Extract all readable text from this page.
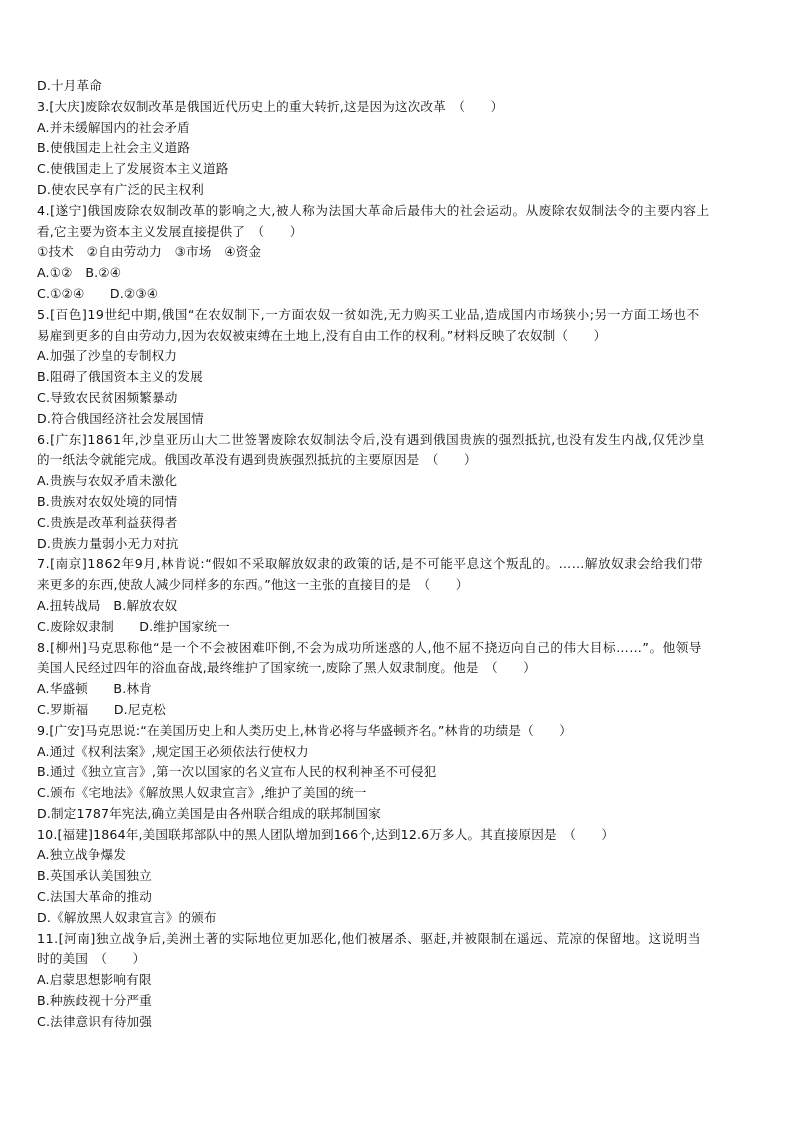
D.十月革命
3.[大庆]废除农奴制改革是俄国近代历史上的重大转折,这是因为这次改革　（　　）
A.并未缓解国内的社会矛盾
B.使俄国走上社会主义道路
C.使俄国走上了发展资本主义道路
D.使农民享有广泛的民主权利
4.[遂宁]俄国废除农奴制改革的影响之大,被人称为法国大革命后最伟大的社会运动。从废除农奴制法令的主要内容上
看,它主要为资本主义发展直接提供了　（　　）
①技术　②自由劳动力　③市场　④资金
A.①②　B.②④
C.①②④　　D.②③④
5.[百色]19世纪中期,俄国“在农奴制下,一方面农奴一贫如洗,无力购买工业品,造成国内市场狭小;另一方面工场也不
易雇到更多的自由劳动力,因为农奴被束缚在土地上,没有自由工作的权利。”材料反映了农奴制（　　）
A.加强了沙皇的专制权力
B.阻碍了俄国资本主义的发展
C.导致农民贫困频繁暴动
D.符合俄国经济社会发展国情
6.[广东]1861年,沙皇亚历山大二世签署废除农奴制法令后,没有遇到俄国贵族的强烈抵抗,也没有发生内战,仅凭沙皇
的一纸法令就能完成。俄国改革没有遇到贵族强烈抵抗的主要原因是　（　　）
A.贵族与农奴矛盾未激化
B.贵族对农奴处境的同情
C.贵族是改革利益获得者
D.贵族力量弱小无力对抗
7.[南京]1862年9月,林肯说:“假如不采取解放奴隶的政策的话,是不可能平息这个叛乱的。……解放奴隶会给我们带
来更多的东西,使敌人减少同样多的东西。”他这一主张的直接目的是　（　　）
A.扭转战局　B.解放农奴
C.废除奴隶制　　D.维护国家统一
8.[柳州]马克思称他“是一个不会被困难吓倒,不会为成功所迷惑的人,他不屈不挠迈向自己的伟大目标……”。他领导
美国人民经过四年的浴血奋战,最终维护了国家统一,废除了黑人奴隶制度。他是　（　　）
A.华盛顿　　B.林肯
C.罗斯福　　D.尼克松
9.[广安]马克思说:“在美国历史上和人类历史上,林肯必将与华盛顿齐名。”林肯的功绩是（　　）
A.通过《权利法案》,规定国王必须依法行使权力
B.通过《独立宣言》,第一次以国家的名义宣布人民的权利神圣不可侵犯
C.颁布《宅地法》《解放黑人奴隶宣言》,维护了美国的统一
D.制定1787年宪法,确立美国是由各州联合组成的联邦制国家
10.[福建]1864年,美国联邦部队中的黑人团队增加到166个,达到12.6万多人。其直接原因是　（　　）
A.独立战争爆发
B.英国承认美国独立
C.法国大革命的推动
D.《解放黑人奴隶宣言》的颁布
11.[河南]独立战争后,美洲土著的实际地位更加恶化,他们被屠杀、驱赶,并被限制在遥远、荒凉的保留地。这说明当
时的美国　（　　）
A.启蒙思想影响有限
B.种族歧视十分严重
C.法律意识有待加强
